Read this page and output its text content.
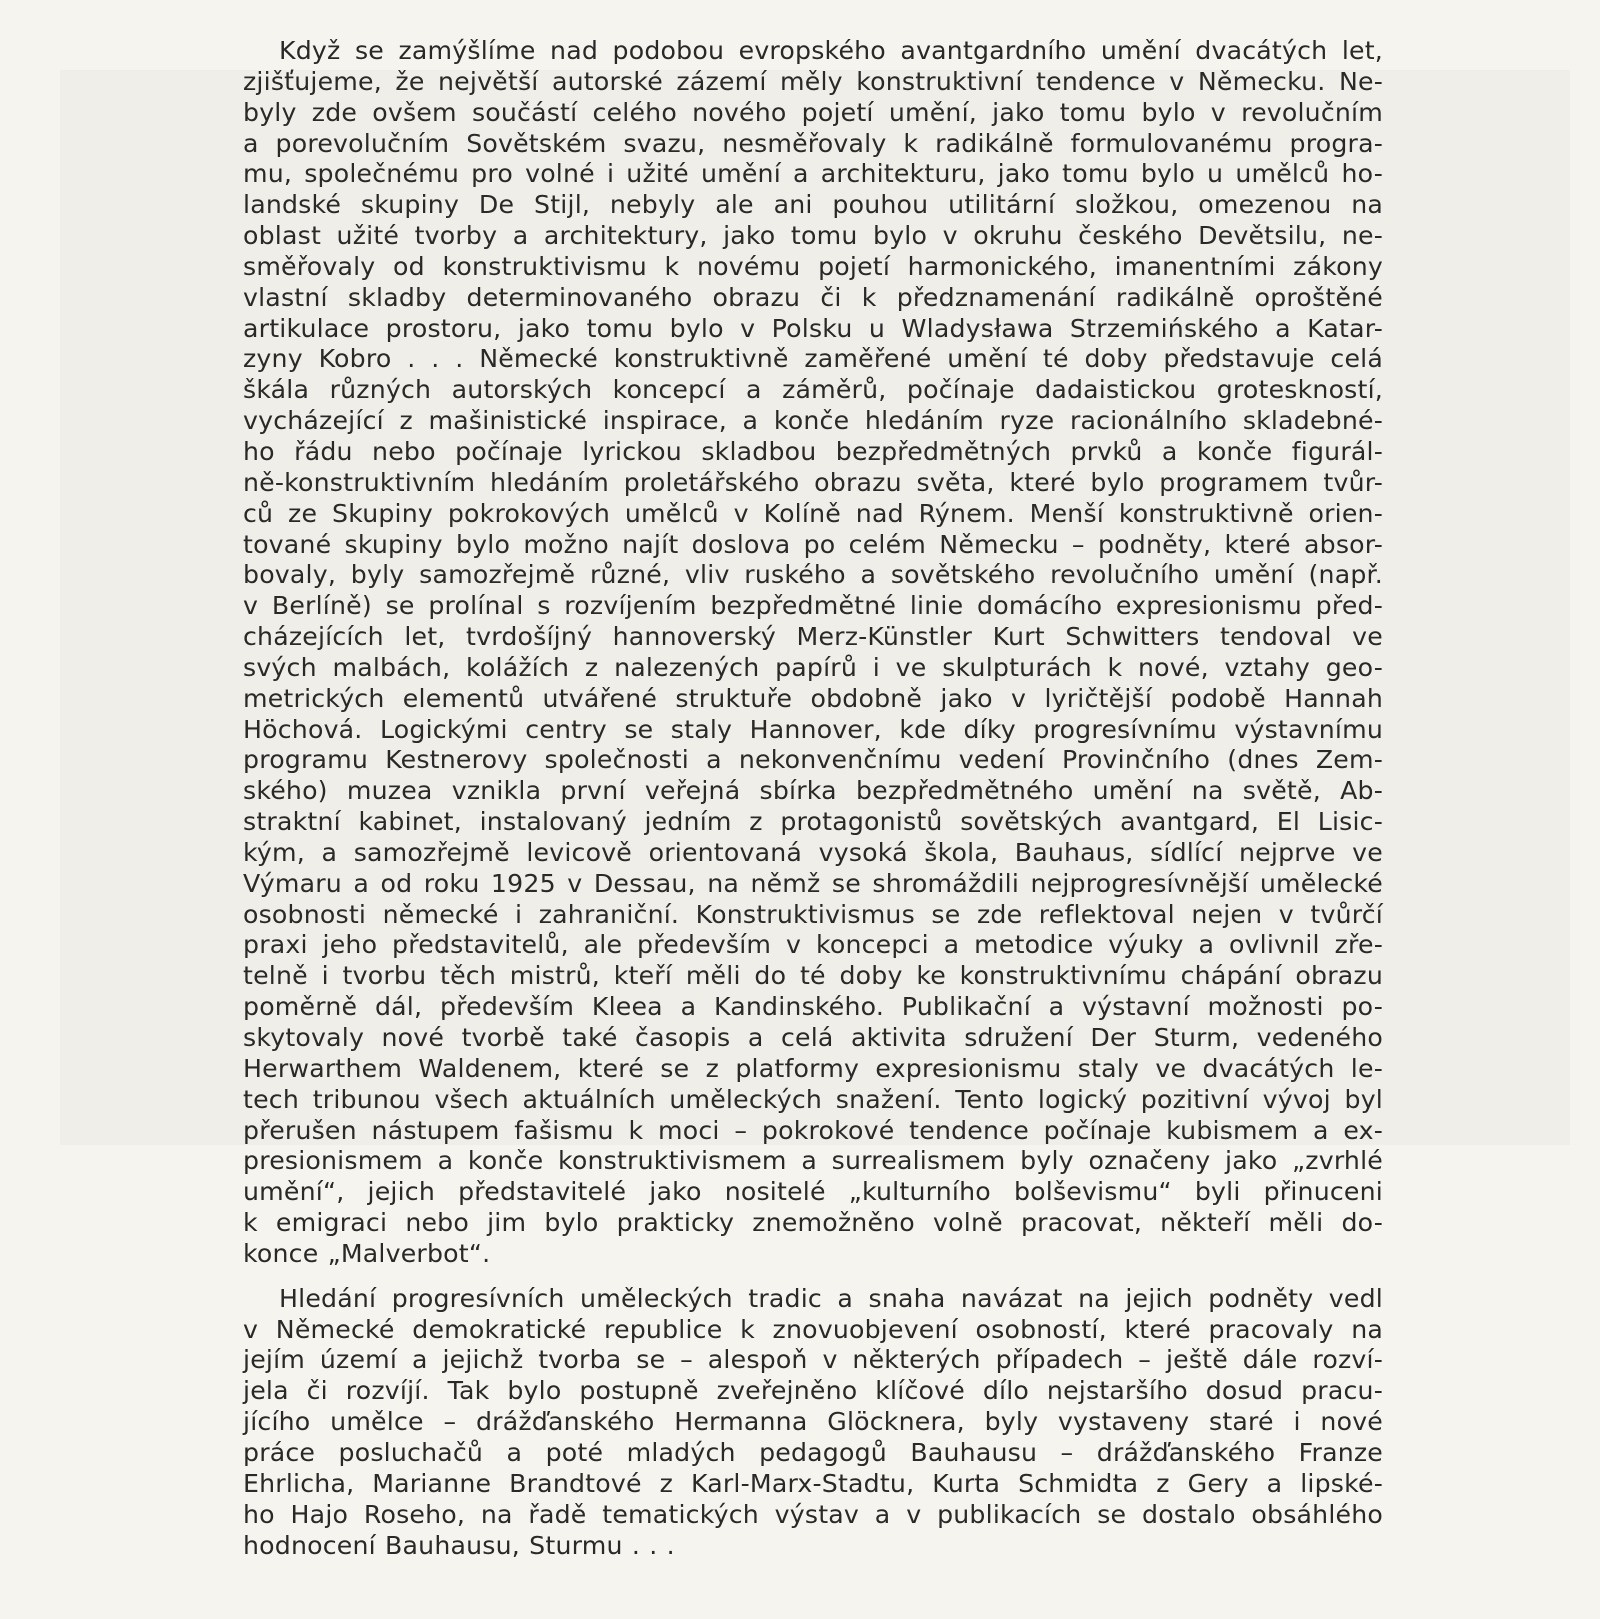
Když se zamýšlíme nad podobou evropského avantgardního umění dvacátých let,
zjišťujeme, že největší autorské zázemí měly konstruktivní tendence v Německu. Ne-
byly zde ovšem součástí celého nového pojetí umění, jako tomu bylo v revolučním
a porevolučním Sovětském svazu, nesměřovaly k radikálně formulovanému progra-
mu, společnému pro volné i užité umění a architekturu, jako tomu bylo u umělců ho-
landské skupiny De Stijl, nebyly ale ani pouhou utilitární složkou, omezenou na
oblast užité tvorby a architektury, jako tomu bylo v okruhu českého Devětsilu, ne-
směřovaly od konstruktivismu k novému pojetí harmonického, imanentními zákony
vlastní skladby determinovaného obrazu či k předznamenání radikálně oproštěné
artikulace prostoru, jako tomu bylo v Polsku u Wladysława Strzemińského a Katar-
zyny Kobro . . . Německé konstruktivně zaměřené umění té doby představuje celá
škála různých autorských koncepcí a záměrů, počínaje dadaistickou groteskností,
vycházející z mašinistické inspirace, a konče hledáním ryze racionálního skladebné-
ho řádu nebo počínaje lyrickou skladbou bezpředmětných prvků a konče figurál-
ně-konstruktivním hledáním proletářského obrazu světa, které bylo programem tvůr-
ců ze Skupiny pokrokových umělců v Kolíně nad Rýnem. Menší konstruktivně orien-
tované skupiny bylo možno najít doslova po celém Německu – podněty, které absor-
bovaly, byly samozřejmě různé, vliv ruského a sovětského revolučního umění (např.
v Berlíně) se prolínal s rozvíjením bezpředmětné linie domácího expresionismu před-
cházejících let, tvrdošíjný hannoverský Merz-Künstler Kurt Schwitters tendoval ve
svých malbách, kolážích z nalezených papírů i ve skulpturách k nové, vztahy geo-
metrických elementů utvářené struktuře obdobně jako v lyričtější podobě Hannah
Höchová. Logickými centry se staly Hannover, kde díky progresívnímu výstavnímu
programu Kestnerovy společnosti a nekonvenčnímu vedení Provinčního (dnes Zem-
ského) muzea vznikla první veřejná sbírka bezpředmětného umění na světě, Ab-
straktní kabinet, instalovaný jedním z protagonistů sovětských avantgard, El Lisic-
kým, a samozřejmě levicově orientovaná vysoká škola, Bauhaus, sídlící nejprve ve
Výmaru a od roku 1925 v Dessau, na němž se shromáždili nejprogresívnější umělecké
osobnosti německé i zahraniční. Konstruktivismus se zde reflektoval nejen v tvůrčí
praxi jeho představitelů, ale především v koncepci a metodice výuky a ovlivnil zře-
telně i tvorbu těch mistrů, kteří měli do té doby ke konstruktivnímu chápání obrazu
poměrně dál, především Kleea a Kandinského. Publikační a výstavní možnosti po-
skytovaly nové tvorbě také časopis a celá aktivita sdružení Der Sturm, vedeného
Herwarthem Waldenem, které se z platformy expresionismu staly ve dvacátých le-
tech tribunou všech aktuálních uměleckých snažení. Tento logický pozitivní vývoj byl
přerušen nástupem fašismu k moci – pokrokové tendence počínaje kubismem a ex-
presionismem a konče konstruktivismem a surrealismem byly označeny jako „zvrhlé
umění“, jejich představitelé jako nositelé „kulturního bolševismu“ byli přinuceni
k emigraci nebo jim bylo prakticky znemožněno volně pracovat, někteří měli do-
konce „Malverbot“.
Hledání progresívních uměleckých tradic a snaha navázat na jejich podněty vedl
v Německé demokratické republice k znovuobjevení osobností, které pracovaly na
jejím území a jejichž tvorba se – alespoň v některých případech – ještě dále rozví-
jela či rozvíjí. Tak bylo postupně zveřejněno klíčové dílo nejstaršího dosud pracu-
jícího umělce – drážďanského Hermanna Glöcknera, byly vystaveny staré i nové
práce posluchačů a poté mladých pedagogů Bauhausu – drážďanského Franze
Ehrlicha, Marianne Brandtové z Karl-Marx-Stadtu, Kurta Schmidta z Gery a lipské-
ho Hajo Roseho, na řadě tematických výstav a v publikacích se dostalo obsáhlého
hodnocení Bauhausu, Sturmu . . .
